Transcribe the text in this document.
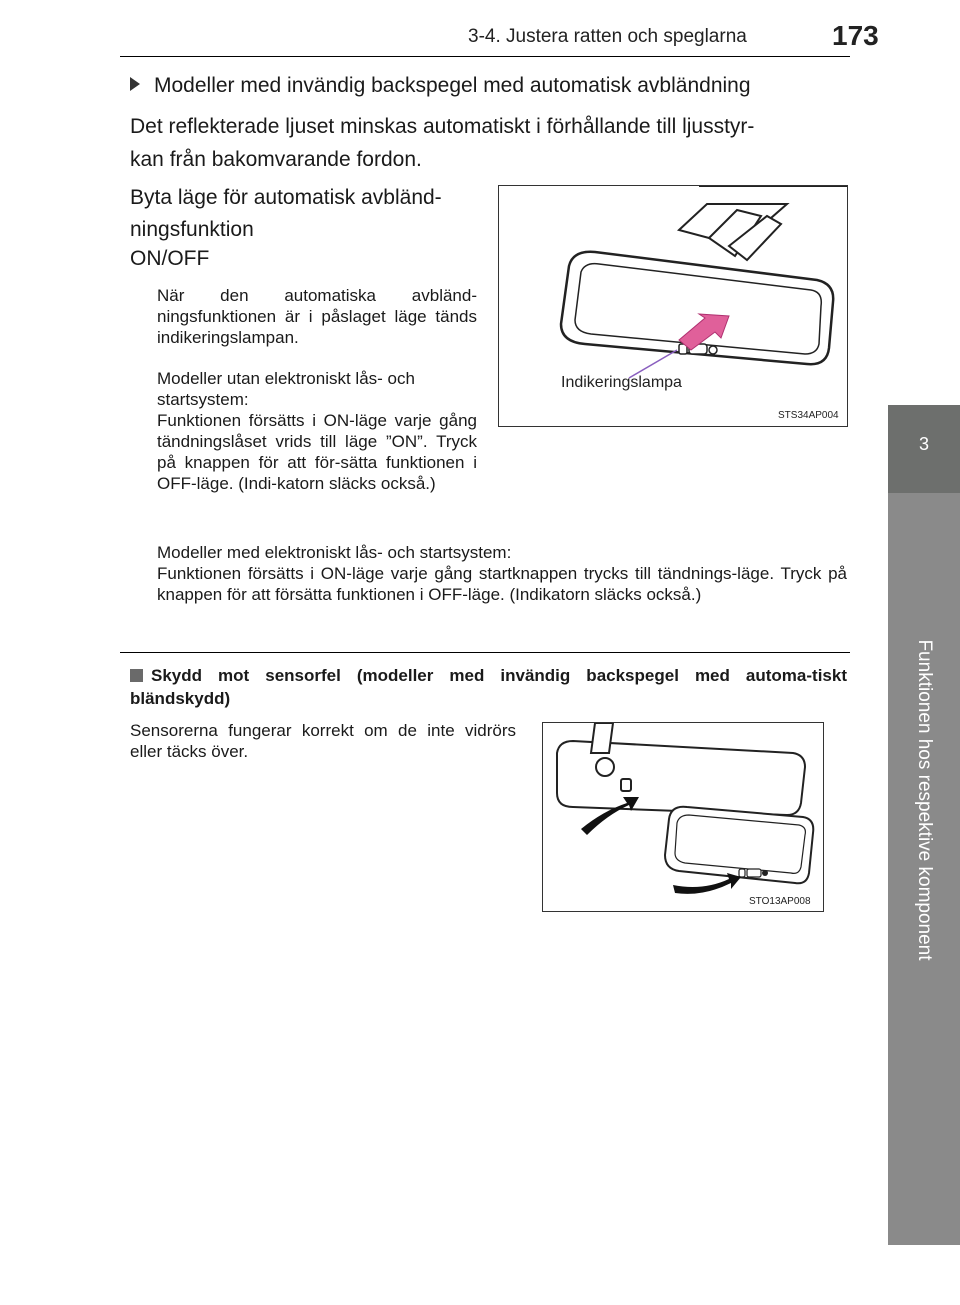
3-4. Justera ratten och speglarna	173
3
Funktionen hos respektive komponent
Modeller med invändig backspegel med automatisk avbländning
Det reflekterade ljuset minskas automatiskt i förhållande till ljusstyr-
kan från bakomvarande fordon.
Byta läge för automatisk avbländ-
ningsfunktion
ON/OFF
När den automatiska avbländ-ningsfunktionen är i påslaget läge tänds indikeringslampan.
Modeller utan elektroniskt lås- och startsystem:
Funktionen försätts i ON-läge varje gång tändningslåset vrids till läge ”ON”. Tryck på knappen för att för-sätta funktionen i OFF-läge. (Indi-katorn släcks också.)
Modeller med elektroniskt lås- och startsystem:
Funktionen försätts i ON-läge varje gång startknappen trycks till tändnings-läge. Tryck på knappen för att försätta funktionen i OFF-läge. (Indikatorn släcks också.)
Indikeringslampa
STS34AP004
Skydd mot sensorfel (modeller med invändig backspegel med automa-tiskt bländskydd)
Sensorerna fungerar korrekt om de inte vidrörs eller täcks över.
STO13AP008
